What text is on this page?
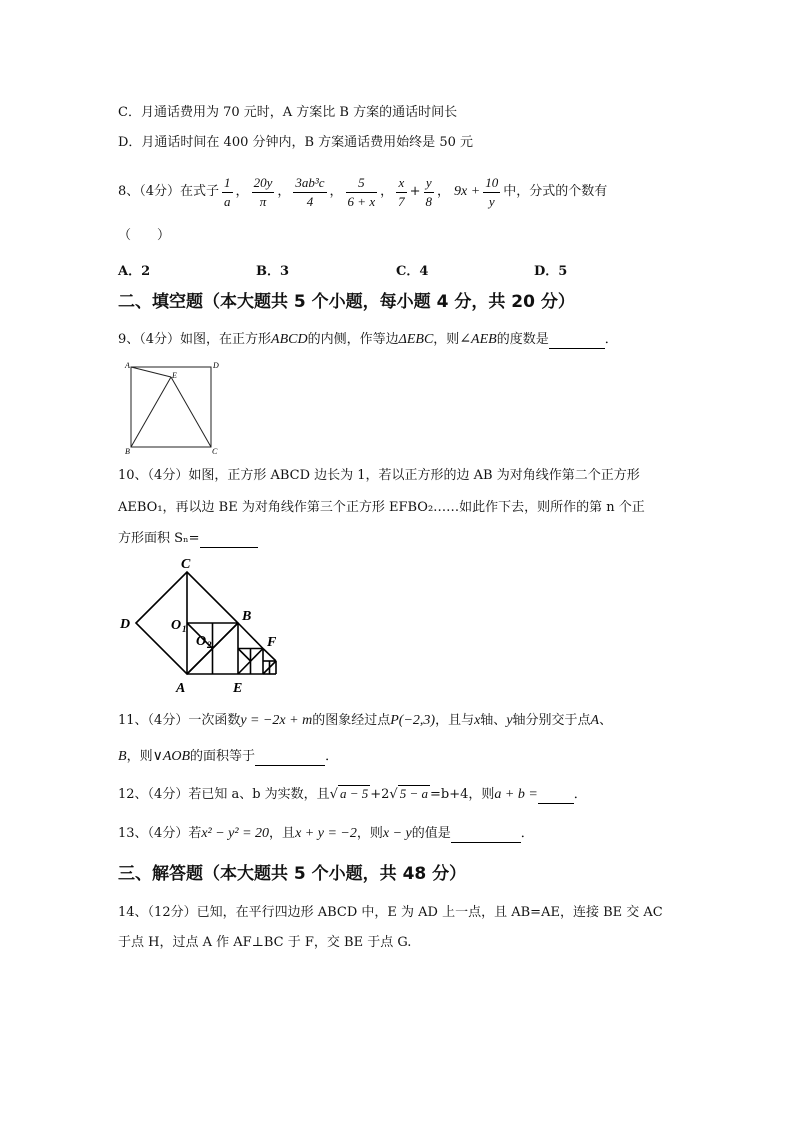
C．月通话费用为 70 元时，A 方案比 B 方案的通话时间长
D．月通话时间在 400 分钟内，B 方案通话费用始终是 50 元
8、（4分）在式子 $\frac{1}{a}$ ， $\frac{20y}{\pi}$ ， $\frac{\text{3ab³c}}{4}$ ， $\frac{5}{6 + x}$ ， $\frac{x}{7} + \frac{y}{8}$ ， $9x + \frac{10}{y}$ 中，分式的个数有
（　　）
A．2	B．3	C．4	D．5
二、填空题（本大题共 5 个小题，每小题 4 分，共 20 分）
9、（4分）如图，在正方形ABCD的内侧，作等边ΔEBC，则∠AEB的度数是	．
A	D
E
B	C
10、（4分）如图，正方形 ABCD 边长为 1，若以正方形的边 AB 为对角线作第二个正方形
AEBO₁，再以边 BE 为对角线作第三个正方形 EFBO₂……如此作下去，则所作的第 n 个正
方形面积 Sₙ=
C
D	O 1
O 2
B
F
A	E
11、（4分）一次函数y = −2x + m的图象经过点P(−2,3)，且与x轴、y轴分别交于点A、
B，则∨AOB的面积等于	．
12、（4分）若已知 a、b 为实数，且√ a − 5 +2√ 5 − a =b+4，则a + b =	．
13、（4分）若x² − y² = 20，且x + y = −2，则x − y的值是	．
三、解答题（本大题共 5 个小题，共 48 分）
14、（12分）已知，在平行四边形 ABCD 中，E 为 AD 上一点，且 AB=AE，连接 BE 交 AC
于点 H，过点 A 作 AF⊥BC 于 F，交 BE 于点 G.
